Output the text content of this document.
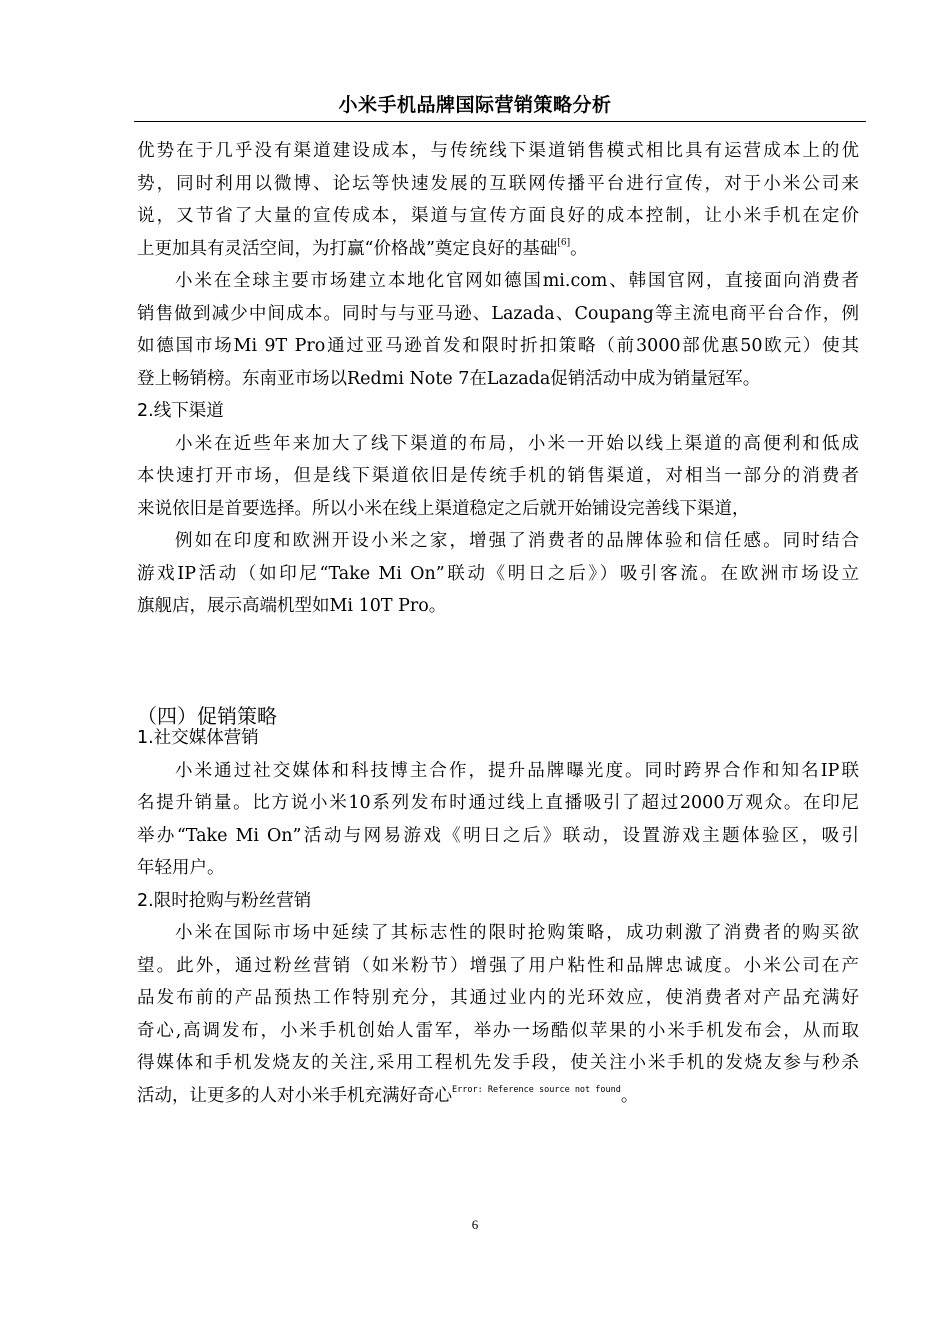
小米手机品牌国际营销策略分析
优势在于几乎没有渠道建设成本，与传统线下渠道销售模式相比具有运营成本上的优
势，同时利用以微博、论坛等快速发展的互联网传播平台进行宣传，对于小米公司来
说，又节省了大量的宣传成本，渠道与宣传方面良好的成本控制，让小米手机在定价
上更加具有灵活空间，为打赢“价格战”奠定良好的基础[6]。
小米在全球主要市场建立本地化官网如德国mi.com、韩国官网，直接面向消费者
销售做到减少中间成本。同时与与亚马逊、Lazada、Coupang等主流电商平台合作，例
如德国市场Mi 9T Pro通过亚马逊首发和限时折扣策略（前3000部优惠50欧元）使其
登上畅销榜。东南亚市场以Redmi Note 7在Lazada促销活动中成为销量冠军。
2.线下渠道
小米在近些年来加大了线下渠道的布局，小米一开始以线上渠道的高便利和低成
本快速打开市场，但是线下渠道依旧是传统手机的销售渠道，对相当一部分的消费者
来说依旧是首要选择。所以小米在线上渠道稳定之后就开始铺设完善线下渠道，
例如在印度和欧洲开设小米之家，增强了消费者的品牌体验和信任感。同时结合
游戏IP活动（如印尼“Take Mi On”联动《明日之后》）吸引客流。在欧洲市场设立
旗舰店，展示高端机型如Mi 10T Pro。
（四）促销策略
1.社交媒体营销
小米通过社交媒体和科技博主合作，提升品牌曝光度。同时跨界合作和知名IP联
名提升销量。比方说小米10系列发布时通过线上直播吸引了超过2000万观众。在印尼
举办“Take Mi On”活动与网易游戏《明日之后》联动，设置游戏主题体验区，吸引
年轻用户。
2.限时抢购与粉丝营销
小米在国际市场中延续了其标志性的限时抢购策略，成功刺激了消费者的购买欲
望。此外，通过粉丝营销（如米粉节）增强了用户粘性和品牌忠诚度。小米公司在产
品发布前的产品预热工作特别充分，其通过业内的光环效应，使消费者对产品充满好
奇心,高调发布，小米手机创始人雷军，举办一场酷似苹果的小米手机发布会，从而取
得媒体和手机发烧友的关注,采用工程机先发手段，使关注小米手机的发烧友参与秒杀
活动，让更多的人对小米手机充满好奇心$^{Error: Reference source not found}$。
6
